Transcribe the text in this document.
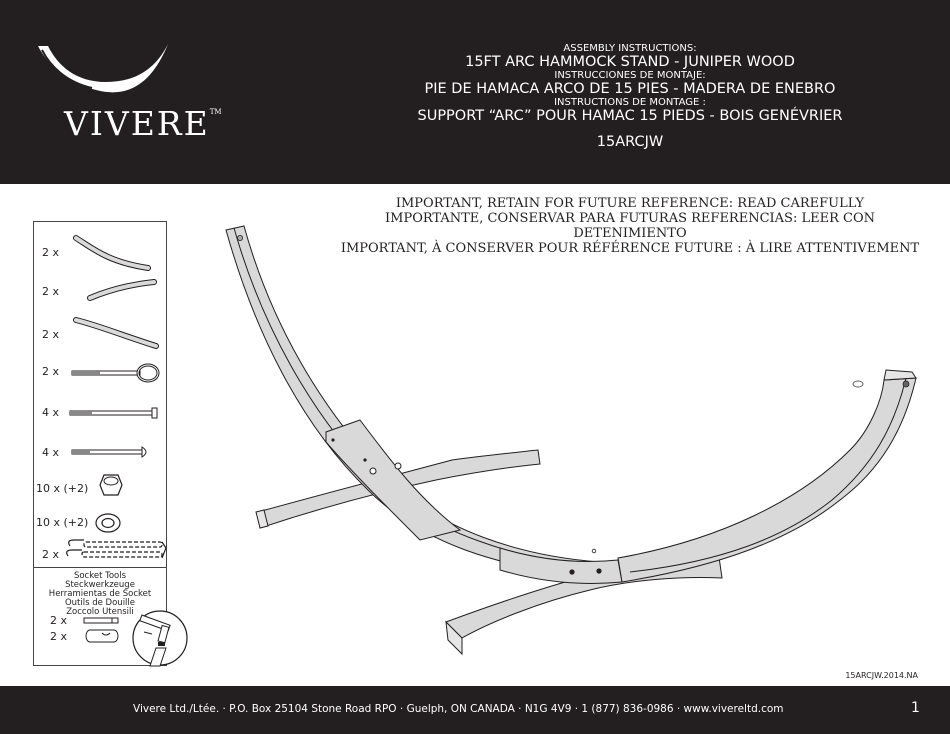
VIVERE™
ASSEMBLY INSTRUCTIONS:
15FT ARC HAMMOCK STAND - JUNIPER WOOD
INSTRUCCIONES DE MONTAJE:
PIE DE HAMACA ARCO DE 15 PIES - MADERA DE ENEBRO
INSTRUCTIONS DE MONTAGE :
SUPPORT “ARC” POUR HAMAC 15 PIEDS - BOIS GENÉVRIER
15ARCJW
IMPORTANT, RETAIN FOR FUTURE REFERENCE: READ CAREFULLY
IMPORTANTE, CONSERVAR PARA FUTURAS REFERENCIAS: LEER CON DETENIMIENTO
IMPORTANT, À CONSERVER POUR RÉFÉRENCE FUTURE : À LIRE ATTENTIVEMENT
2 x
2 x
2 x
2 x
4 x
4 x
10 x (+2)
10 x (+2)
2 x
Socket Tools
Steckwerkzeuge
Herramientas de Socket
Outils de Douille
Zoccolo Utensili
2 x
2 x
15ARCJW.2014.NA
Vivere Ltd./Ltée. · P.O. Box 25104 Stone Road RPO · Guelph, ON CANADA · N1G 4V9 · 1 (877) 836-0986 · www.vivereltd.com	1
